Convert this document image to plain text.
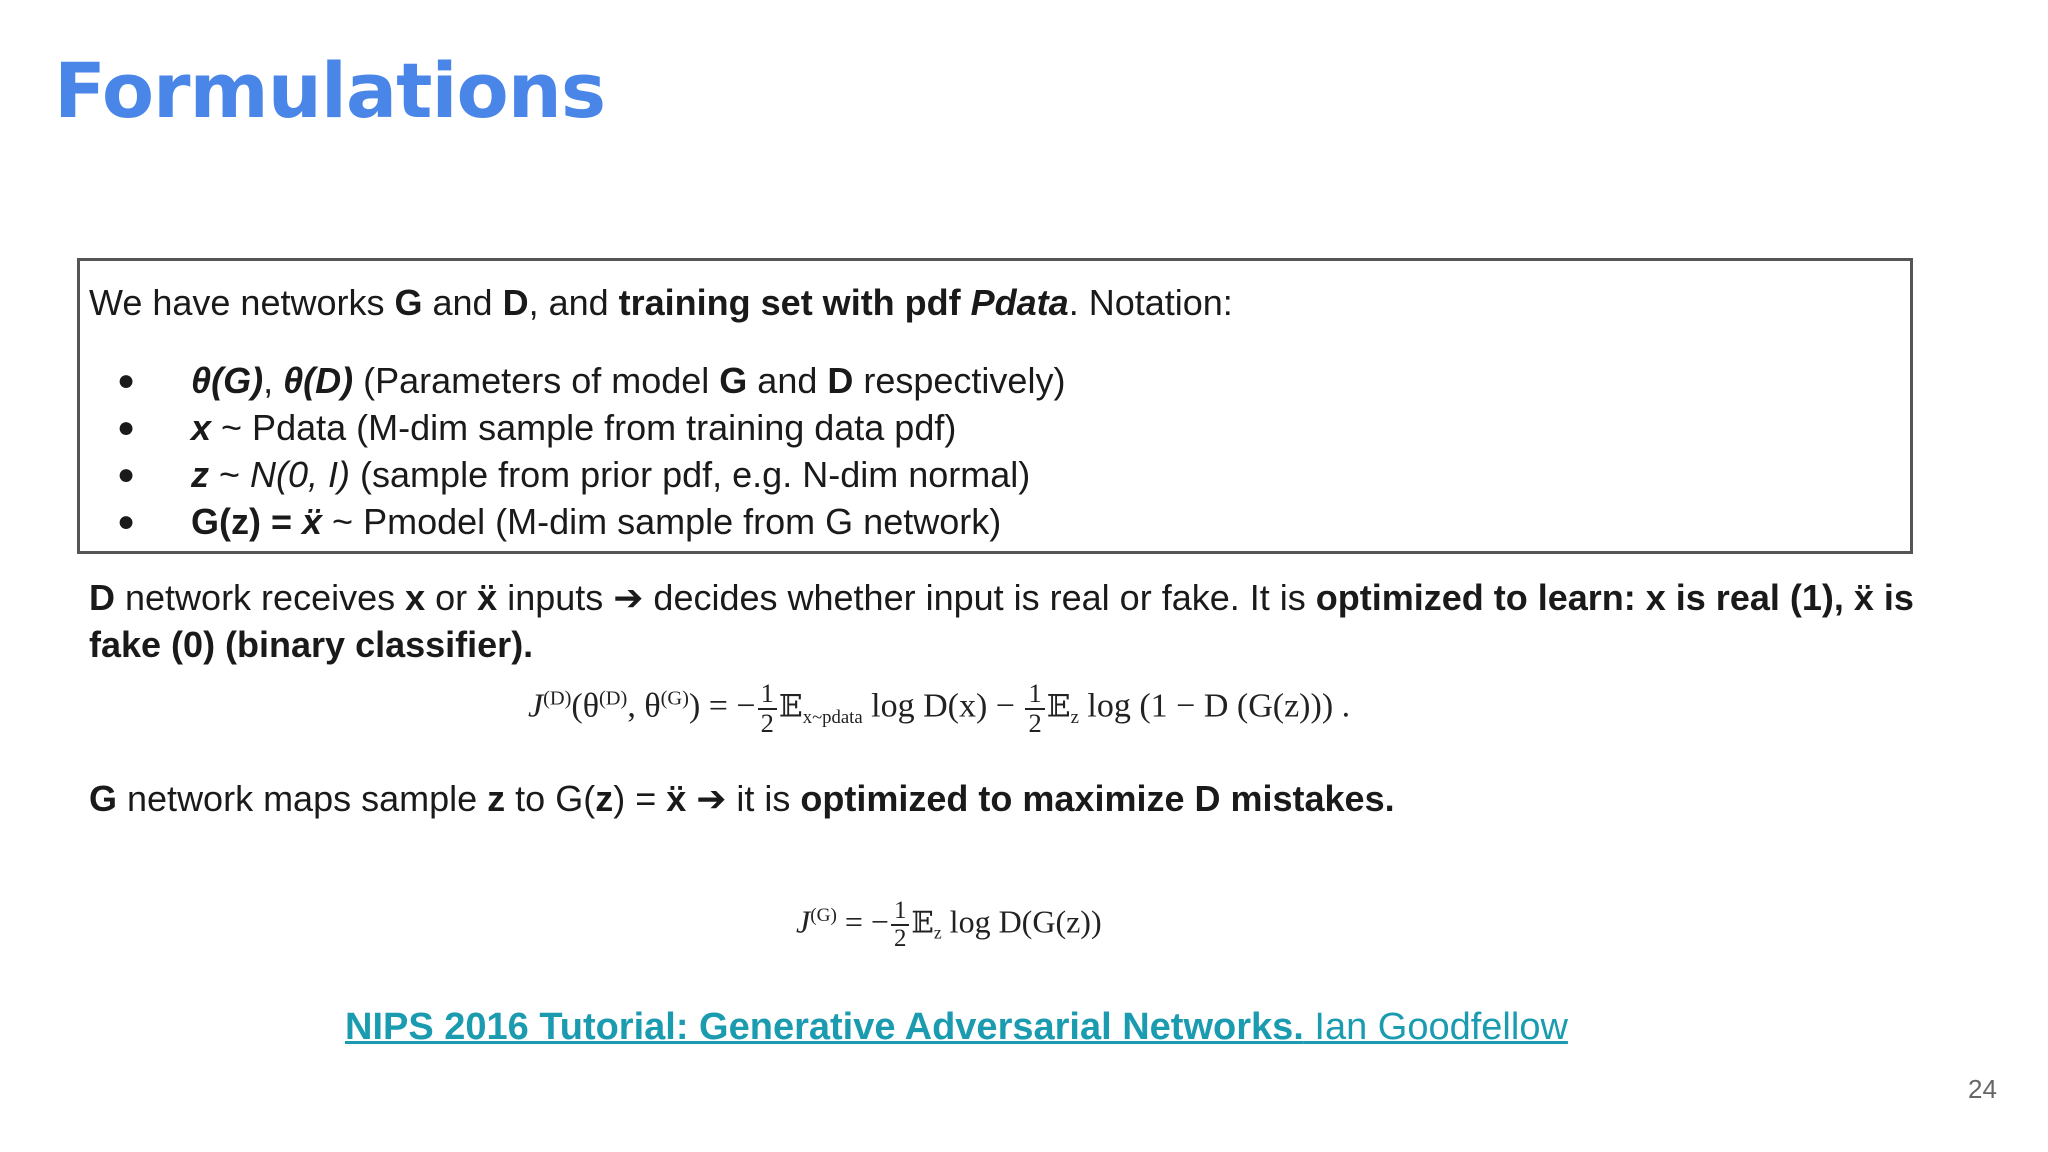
Formulations
We have networks G and D, and training set with pdf Pdata. Notation:
● θ(G), θ(D) (Parameters of model G and D respectively)
● x ~ Pdata (M-dim sample from training data pdf)
● z ~ N(0, I) (sample from prior pdf, e.g. N-dim normal)
● G(z) = ẍ ~ Pmodel (M-dim sample from G network)
D network receives x or ẍ inputs ➔ decides whether input is real or fake. It is optimized to learn: x is real (1), ẍ is fake (0) (binary classifier).
$J^{(D)}(\theta^{(D)}$, $\theta^{(G)}$) = − $\frac{1}{2}$ 𝔼$_{x\sim pdata}$ $\log D(x) - \frac{1}{2}$ 𝔼$_z$ log (1 − D (G(z))) .
G network maps sample z to G(z) = ẍ ➔ it is optimized to maximize D mistakes.
$J^{(G)}$ = − $\frac{1}{2}$ 𝔼$_z$ log D(G(z))
NIPS 2016 Tutorial: Generative Adversarial Networks. Ian Goodfellow
24
